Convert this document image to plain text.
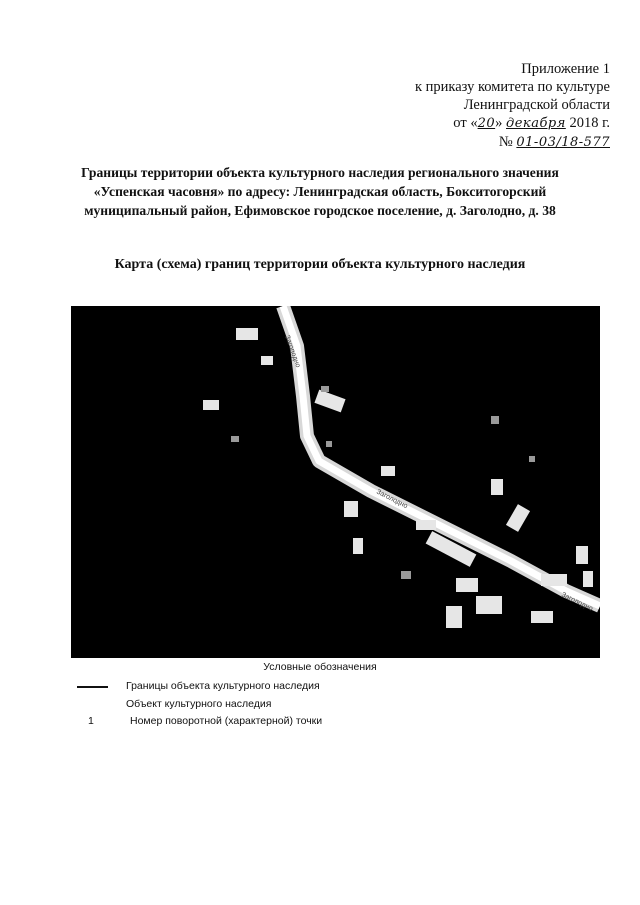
Приложение 1
к приказу комитета по культуре
Ленинградской области
от «20» декабря 2018 г.
№ 01-03/18-577
Границы территории объекта культурного наследия регионального значения
«Успенская часовня» по адресу: Ленинградская область, Бокситогорский
муниципальный район, Ефимовское городское поселение, д. Заголодно, д. 38
Карта (схема) границ территории объекта культурного наследия
Заголодно
Заголодно
Заголодно
Условные обозначения
Границы объекта культурного наследия
Объект культурного наследия
1	Номер поворотной (характерной) точки
